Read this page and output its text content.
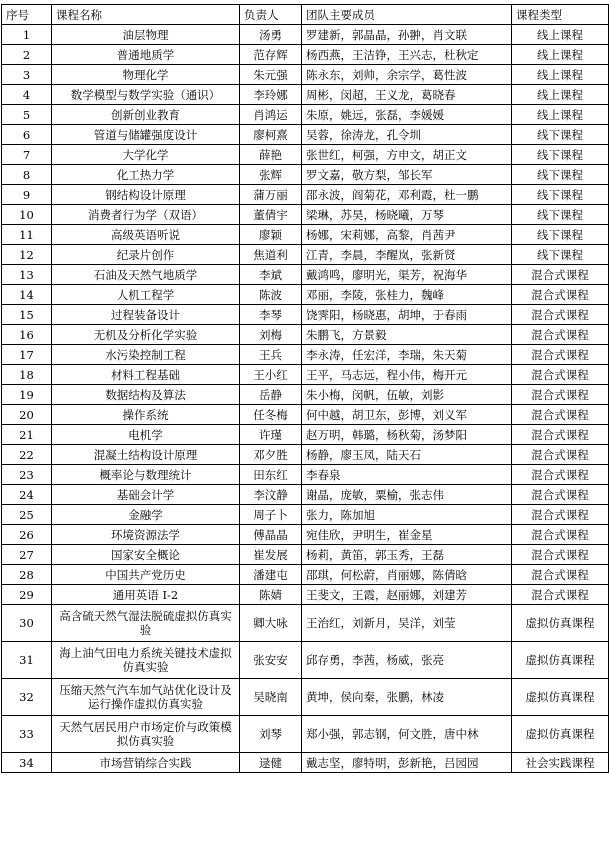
序号	课程名称	负责人	团队主要成员	课程类型
1	油层物理	汤勇	罗建新，郭晶晶，孙翀，肖文联	线上课程
2	普通地质学	范存辉	杨西燕，王洁铮，王兴志，杜秋定	线上课程
3	物理化学	朱元强	陈永东，刘帅，余宗学，葛性波	线上课程
4	数学模型与数学实验（通识）	李玲娜	周彬，闵超，王义龙，葛晓春	线上课程
5	创新创业教育	肖鸿运	朱原，姚远，张磊，李媛媛	线上课程
6	管道与储罐强度设计	廖柯熹	吴蓉，徐涛龙，孔令圳	线下课程
7	大学化学	薛艳	张世红，柯强，方申文，胡正文	线下课程
8	化工热力学	张辉	罗文嘉，敬方梨，邹长军	线下课程
9	钢结构设计原理	蒲万丽	邵永波，阎菊花，邓利霞，杜一鹏	线下课程
10	消费者行为学（双语）	董倩宇	梁琳，苏昊，杨晓曦，万琴	线下课程
11	高级英语听说	廖颖	杨娜，宋莉娜，高黎，肖茜尹	线下课程
12	纪录片创作	焦道利	江青，李晨，李醒岚，张新贤	线下课程
13	石油及天然气地质学	李斌	戴鸿鸣，廖明光，渠芳，祝海华	混合式课程
14	人机工程学	陈波	邓丽，李陵，张桂力，魏峰	混合式课程
15	过程装备设计	李琴	饶霁阳，杨晓惠，胡坤，于春雨	混合式课程
16	无机及分析化学实验	刘梅	朱鹏飞，方景毅	混合式课程
17	水污染控制工程	王兵	李永涛，任宏洋，李瑞，朱天菊	混合式课程
18	材料工程基础	王小红	王平，马志远，程小伟，梅开元	混合式课程
19	数据结构及算法	岳静	朱小梅，闵帆，伍敏，刘影	混合式课程
20	操作系统	任冬梅	何中越，胡卫东，彭博，刘义军	混合式课程
21	电机学	许瑾	赵万明，韩璐，杨秋菊，汤梦阳	混合式课程
22	混凝土结构设计原理	邓夕胜	杨静，廖玉凤，陆天石	混合式课程
23	概率论与数理统计	田东红	李春泉	混合式课程
24	基础会计学	李汶静	谢晶，庞敏，粟榆，张志伟	混合式课程
25	金融学	周子卜	张力，陈加旭	混合式课程
26	环境资源法学	傅晶晶	宛佳欣，尹明生，崔金星	混合式课程
27	国家安全概论	崔发展	杨莉，黄笛，郭玉秀，王磊	混合式课程
28	中国共产党历史	潘建屯	邵琪，何松蔚，肖丽娜，陈倩晗	混合式课程
29	通用英语 I-2	陈婧	王斐文，王霞，赵丽娜，刘建芳	混合式课程
30	高含硫天然气湿法脱硫虚拟仿真实验	卿大咏	王治红，刘新月，吴洋，刘莹	虚拟仿真课程
31	海上油气田电力系统关键技术虚拟仿真实验	张安安	邱存勇，李茜，杨威，张亮	虚拟仿真课程
32	压缩天然气汽车加气站优化设计及运行操作虚拟仿真实验	吴晓南	黄坤，侯向秦，张鹏，林凌	虚拟仿真课程
33	天然气居民用户市场定价与政策模拟仿真实验	刘琴	郑小强，郭志钢，何文胜，唐中林	虚拟仿真课程
34	市场营销综合实践	逯健	戴志坚，廖特明，彭新艳，吕园园	社会实践课程
